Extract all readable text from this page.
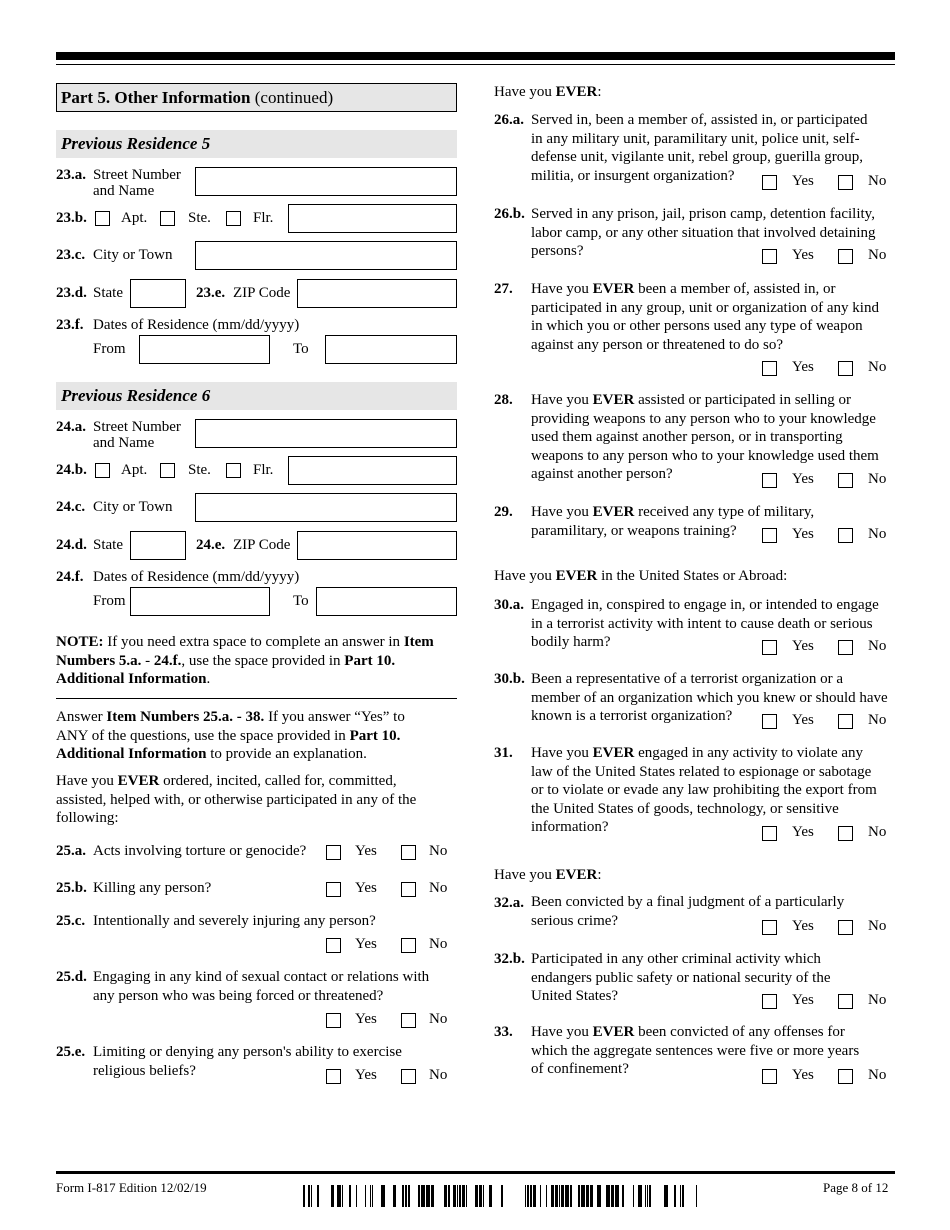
Part 5. Other Information (continued)
Previous Residence 5
23.a. Street Number
and Name
23.b. Apt.	Ste.	Flr.
23.c. City or Town
23.d. State	23.e. ZIP Code
23.f. Dates of Residence (mm/dd/yyyy)
From	To
Previous Residence 6
24.a. Street Number
and Name
24.b. Apt.	Ste.	Flr.
24.c. City or Town
24.d. State	24.e. ZIP Code
24.f. Dates of Residence (mm/dd/yyyy)
From	To
NOTE: If you need extra space to complete an answer in Item
Numbers 5.a. - 24.f., use the space provided in Part 10.
Additional Information.
Answer Item Numbers 25.a. - 38. If you answer “Yes” to
ANY of the questions, use the space provided in Part 10.
Additional Information to provide an explanation.
Have you EVER ordered, incited, called for, committed,
assisted, helped with, or otherwise participated in any of the
following:
25.a. Acts involving torture or genocide?	Yes	No
25.b. Killing any person?	Yes	No
25.c. Intentionally and severely injuring any person?
Yes	No
25.d. Engaging in any kind of sexual contact or relations with
any person who was being forced or threatened?
Yes	No
25.e. Limiting or denying any person's ability to exercise
religious beliefs?	Yes	No
Have you EVER:
26.a. Served in, been a member of, assisted in, or participated
in any military unit, paramilitary unit, police unit, self-
defense unit, vigilante unit, rebel group, guerilla group,
militia, or insurgent organization?	Yes	No
26.b. Served in any prison, jail, prison camp, detention facility,
labor camp, or any other situation that involved detaining
persons?	Yes	No
27. Have you EVER been a member of, assisted in, or
participated in any group, unit or organization of any kind
in which you or other persons used any type of weapon
against any person or threatened to do so?
Yes	No
28. Have you EVER assisted or participated in selling or
providing weapons to any person who to your knowledge
used them against another person, or in transporting
weapons to any person who to your knowledge used them
against another person?	Yes	No
29. Have you EVER received any type of military,
paramilitary, or weapons training?	Yes	No
Have you EVER in the United States or Abroad:
30.a. Engaged in, conspired to engage in, or intended to engage
in a terrorist activity with intent to cause death or serious
bodily harm?	Yes	No
30.b. Been a representative of a terrorist organization or a
member of an organization which you knew or should have
known is a terrorist organization?	Yes	No
31. Have you EVER engaged in any activity to violate any
law of the United States related to espionage or sabotage
or to violate or evade any law prohibiting the export from
the United States of goods, technology, or sensitive
information?	Yes	No
Have you EVER:
32.a. Been convicted by a final judgment of a particularly
serious crime?	Yes	No
32.b. Participated in any other criminal activity which
endangers public safety or national security of the
United States?	Yes	No
33. Have you EVER been convicted of any offenses for
which the aggregate sentences were five or more years
of confinement?	Yes	No
Form I-817 Edition 12/02/19	Page 8 of 12
